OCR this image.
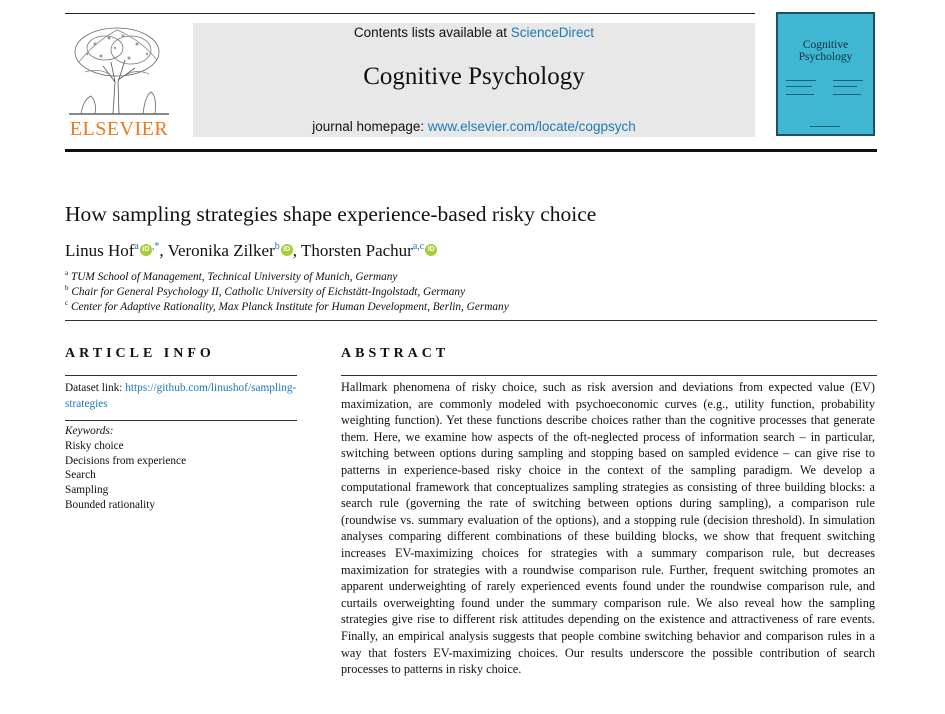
ELSEVIER
Contents lists available at ScienceDirect
Cognitive Psychology
journal homepage: www.elsevier.com/locate/cogpsych
Cognitive Psychology
How sampling strategies shape experience-based risky choice
Linus Hof$^a$ iD ,*, Veronika Zilker$^b$ iD , Thorsten Pachur$^{a,c}$ iD
$^a$ TUM School of Management, Technical University of Munich, Germany
$^b$ Chair for General Psychology II, Catholic University of Eichstätt-Ingolstadt, Germany
$^c$ Center for Adaptive Rationality, Max Planck Institute for Human Development, Berlin, Germany
ARTICLE INFO
Dataset link: https://github.com/linushof/sampling-strategies
Keywords:
Risky choice
Decisions from experience
Search
Sampling
Bounded rationality
ABSTRACT

Hallmark phenomena of risky choice, such as risk aversion and deviations from expected value (EV) maximization, are commonly modeled with psychoeconomic curves (e.g., utility function, probability weighting function). Yet these functions describe choices rather than the cognitive processes that generate them. Here, we examine how aspects of the oft-neglected process of information search – in particular, switching between options during sampling and stopping based on sampled evidence – can give rise to patterns in experience-based risky choice in the context of the sampling paradigm. We develop a computational framework that conceptualizes sampling strategies as consisting of three building blocks: a search rule (governing the rate of switching between options during sampling), a comparison rule (roundwise vs. summary evaluation of the options), and a stopping rule (decision threshold). In simulation analyses comparing different combinations of these building blocks, we show that frequent switching increases EV-maximizing choices for strategies with a summary comparison rule, but decreases maximization for strategies with a roundwise comparison rule. Further, frequent switching promotes an apparent underweighting of rarely experienced events found under the roundwise comparison rule, and curtails overweighting found under the summary comparison rule. We also reveal how the sampling strategies give rise to different risk attitudes depending on the existence and attractiveness of rare events. Finally, an empirical analysis suggests that people combine switching behavior and comparison rules in a way that fosters EV-maximizing choices. Our results underscore the possible contribution of search processes to patterns in risky choice.
